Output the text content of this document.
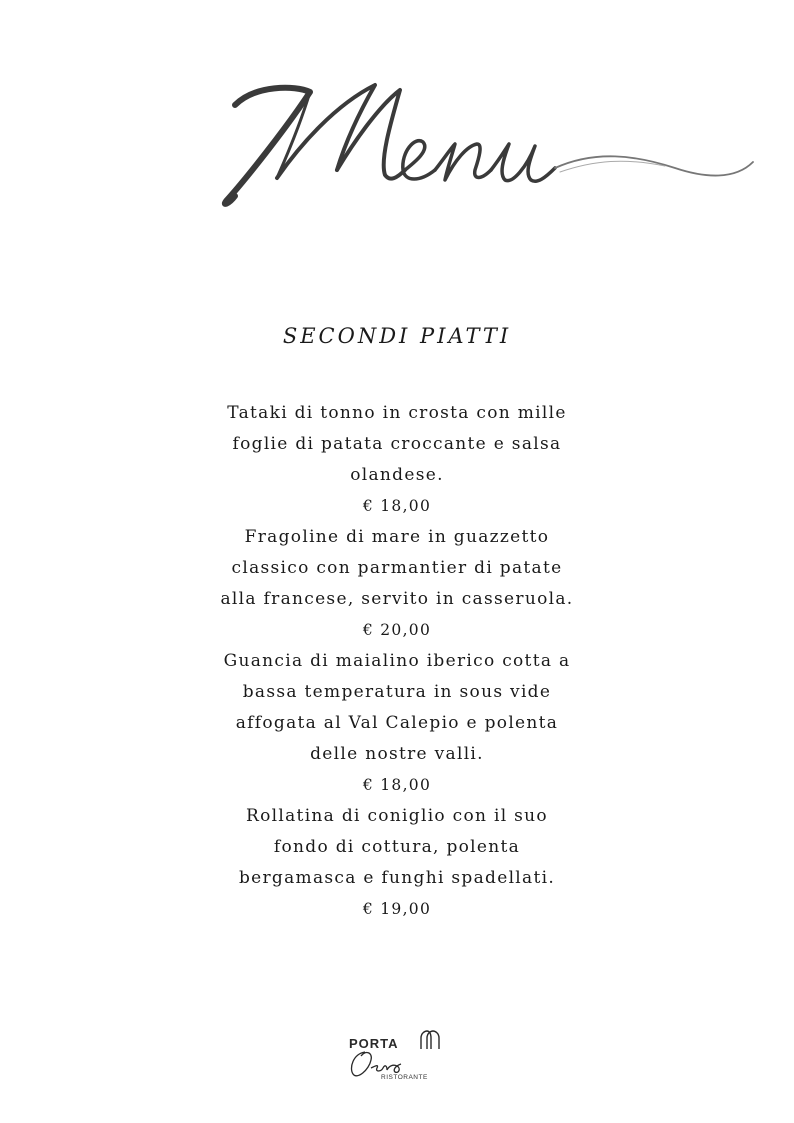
SECONDI PIATTI
Tataki di tonno in crosta con mille
foglie di patata croccante e salsa
olandese.
€ 18,00
Fragoline di mare in guazzetto
classico con parmantier di patate
alla francese, servito in casseruola.
€ 20,00
Guancia di maialino iberico cotta a
bassa temperatura in sous vide
affogata al Val Calepio e polenta
delle nostre valli.
€ 18,00
Rollatina di coniglio con il suo
fondo di cottura, polenta
bergamasca e funghi spadellati.
€ 19,00
PORTA
RISTORANTE
